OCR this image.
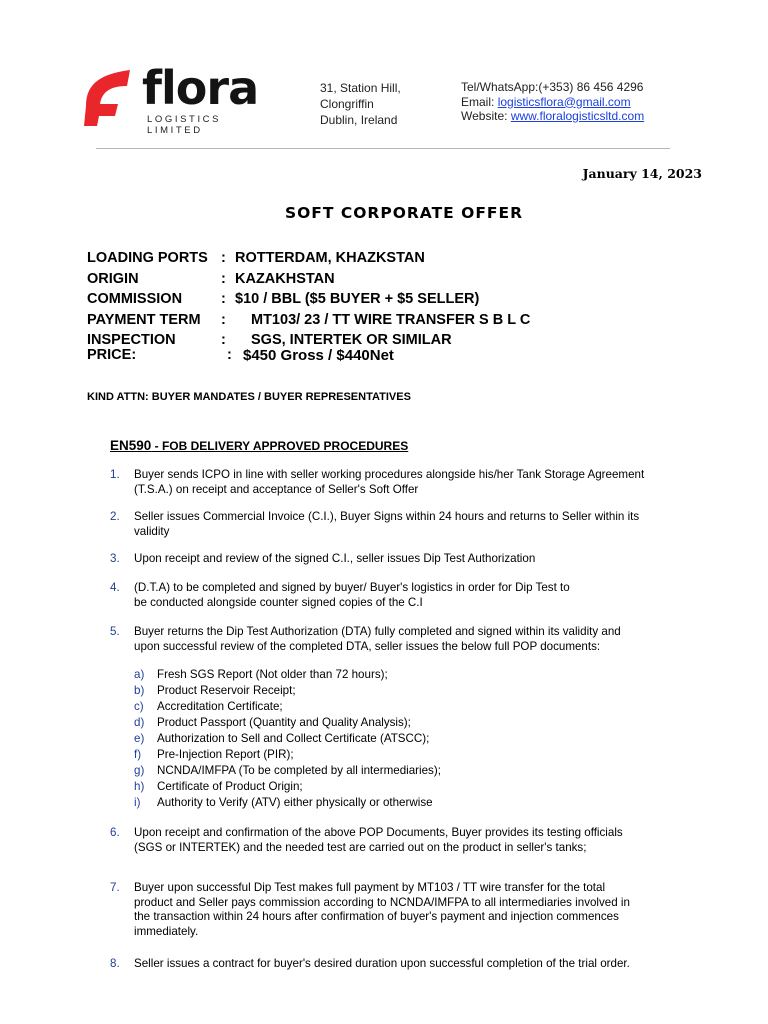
flora
LOGISTICS LIMITED
31, Station Hill,
Clongriffin
Dublin, Ireland
Tel/WhatsApp:(+353) 86 456 4296
Email: logisticsflora@gmail.com
Website: www.floralogisticsltd.com
January 14, 2023
SOFT CORPORATE OFFER
LOADING PORTS : ROTTERDAM, KHAZKSTAN
ORIGIN	: KAZAKHSTAN
COMMISSION	: $10 / BBL ($5 BUYER + $5 SELLER)
PAYMENT TERM : MT103/ 23 / TT WIRE TRANSFER S B L C
INSPECTION	: SGS, INTERTEK OR SIMILAR
PRICE:	: $450 Gross / $440Net
KIND ATTN: BUYER MANDATES / BUYER REPRESENTATIVES
EN590 - FOB DELIVERY APPROVED PROCEDURES
1. Buyer sends ICPO in line with seller working procedures alongside his/her Tank Storage Agreement (T.S.A.) on receipt and acceptance of Seller's Soft Offer
2. Seller issues Commercial Invoice (C.I.), Buyer Signs within 24 hours and returns to Seller within its validity
3. Upon receipt and review of the signed C.I., seller issues Dip Test Authorization
4. (D.T.A) to be completed and signed by buyer/ Buyer's logistics in order for Dip Test to be conducted alongside counter signed copies of the C.I
5. Buyer returns the Dip Test Authorization (DTA) fully completed and signed within its validity and upon successful review of the completed DTA, seller issues the below full POP documents:
a) Fresh SGS Report (Not older than 72 hours);
b) Product Reservoir Receipt;
c) Accreditation Certificate;
d) Product Passport (Quantity and Quality Analysis);
e) Authorization to Sell and Collect Certificate (ATSCC);
f) Pre-Injection Report (PIR);
g) NCNDA/IMFPA (To be completed by all intermediaries);
h) Certificate of Product Origin;
i) Authority to Verify (ATV) either physically or otherwise
6. Upon receipt and confirmation of the above POP Documents, Buyer provides its testing officials (SGS or INTERTEK) and the needed test are carried out on the product in seller's tanks;
7. Buyer upon successful Dip Test makes full payment by MT103 / TT wire transfer for the total product and Seller pays commission according to NCNDA/IMFPA to all intermediaries involved in the transaction within 24 hours after confirmation of buyer's payment and injection commences immediately.
8. Seller issues a contract for buyer's desired duration upon successful completion of the trial order.
